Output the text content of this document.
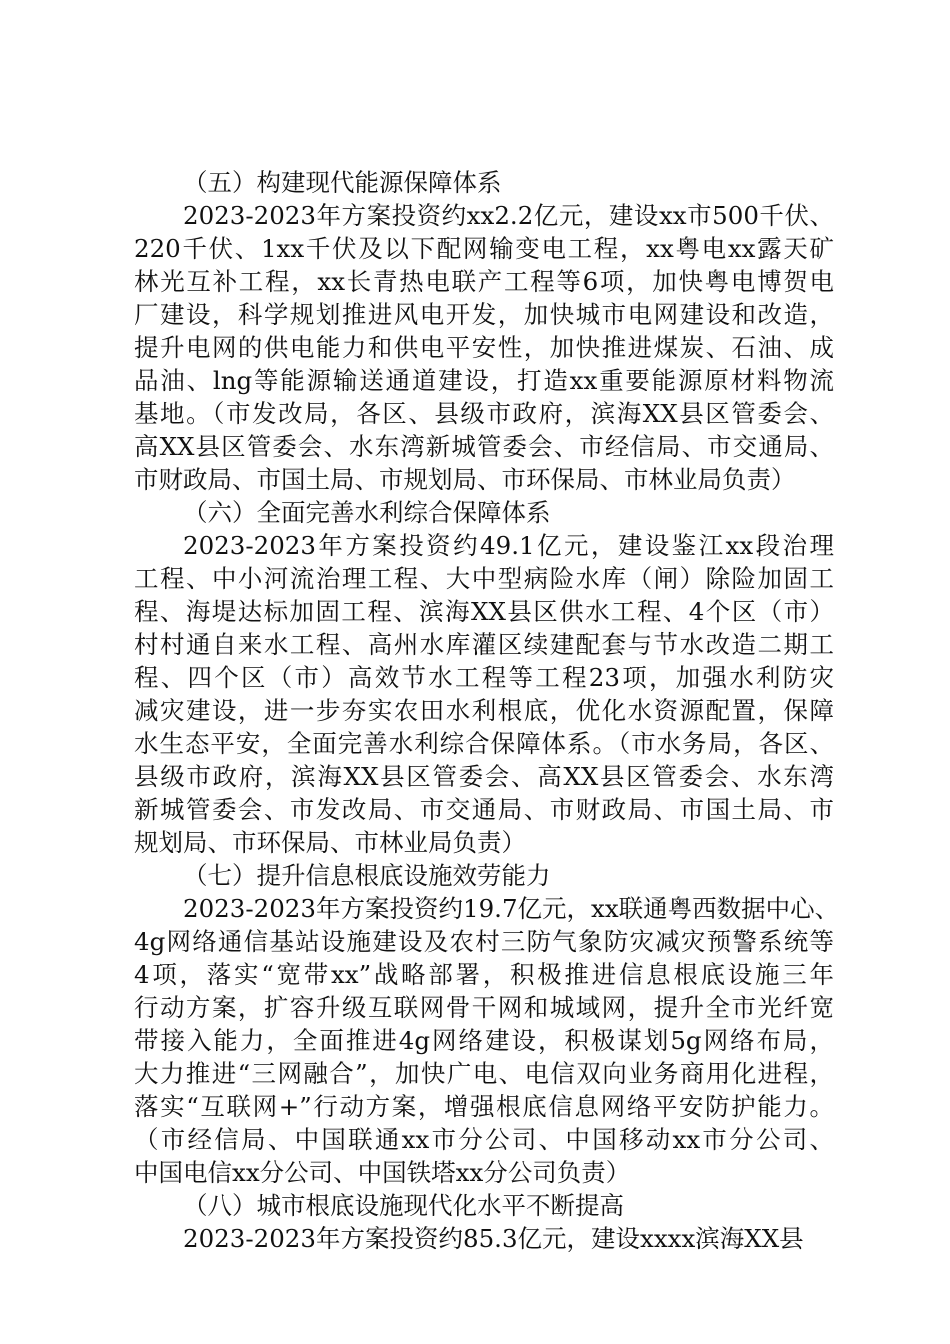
（五）构建现代能源保障体系

2023-2023年方案投资约xx2.2亿元，建设xx市500千伏、

220千伏、1xx千伏及以下配网输变电工程，xx粤电xx露天矿

林光互补工程，xx长青热电联产工程等6项，加快粤电博贺电

厂建设，科学规划推进风电开发，加快城市电网建设和改造，

提升电网的供电能力和供电平安性，加快推进煤炭、石油、成

品油、lng等能源输送通道建设，打造xx重要能源原材料物流

基地。（市发改局，各区、县级市政府，滨海XX县区管委会、

高XX县区管委会、水东湾新城管委会、市经信局、市交通局、

市财政局、市国土局、市规划局、市环保局、市林业局负责）

（六）全面完善水利综合保障体系

2023-2023年方案投资约49.1亿元，建设鉴江xx段治理

工程、中小河流治理工程、大中型病险水库（闸）除险加固工

程、海堤达标加固工程、滨海XX县区供水工程、4个区（市）

村村通自来水工程、高州水库灌区续建配套与节水改造二期工

程、四个区（市）高效节水工程等工程23项，加强水利防灾

减灾建设，进一步夯实农田水利根底，优化水资源配置，保障

水生态平安，全面完善水利综合保障体系。（市水务局，各区、

县级市政府，滨海XX县区管委会、高XX县区管委会、水东湾

新城管委会、市发改局、市交通局、市财政局、市国土局、市

规划局、市环保局、市林业局负责）

（七）提升信息根底设施效劳能力

2023-2023年方案投资约19.7亿元，xx联通粤西数据中心、

4g网络通信基站设施建设及农村三防气象防灾减灾预警系统等

4项，落实“宽带xx”战略部署，积极推进信息根底设施三年

行动方案，扩容升级互联网骨干网和城域网，提升全市光纤宽

带接入能力，全面推进4g网络建设，积极谋划5g网络布局，

大力推进“三网融合”，加快广电、电信双向业务商用化进程，

落实“互联网+”行动方案，增强根底信息网络平安防护能力。

（市经信局、中国联通xx市分公司、中国移动xx市分公司、

中国电信xx分公司、中国铁塔xx分公司负责）

（八）城市根底设施现代化水平不断提高

2023-2023年方案投资约85.3亿元，建设xxxx滨海XX县
